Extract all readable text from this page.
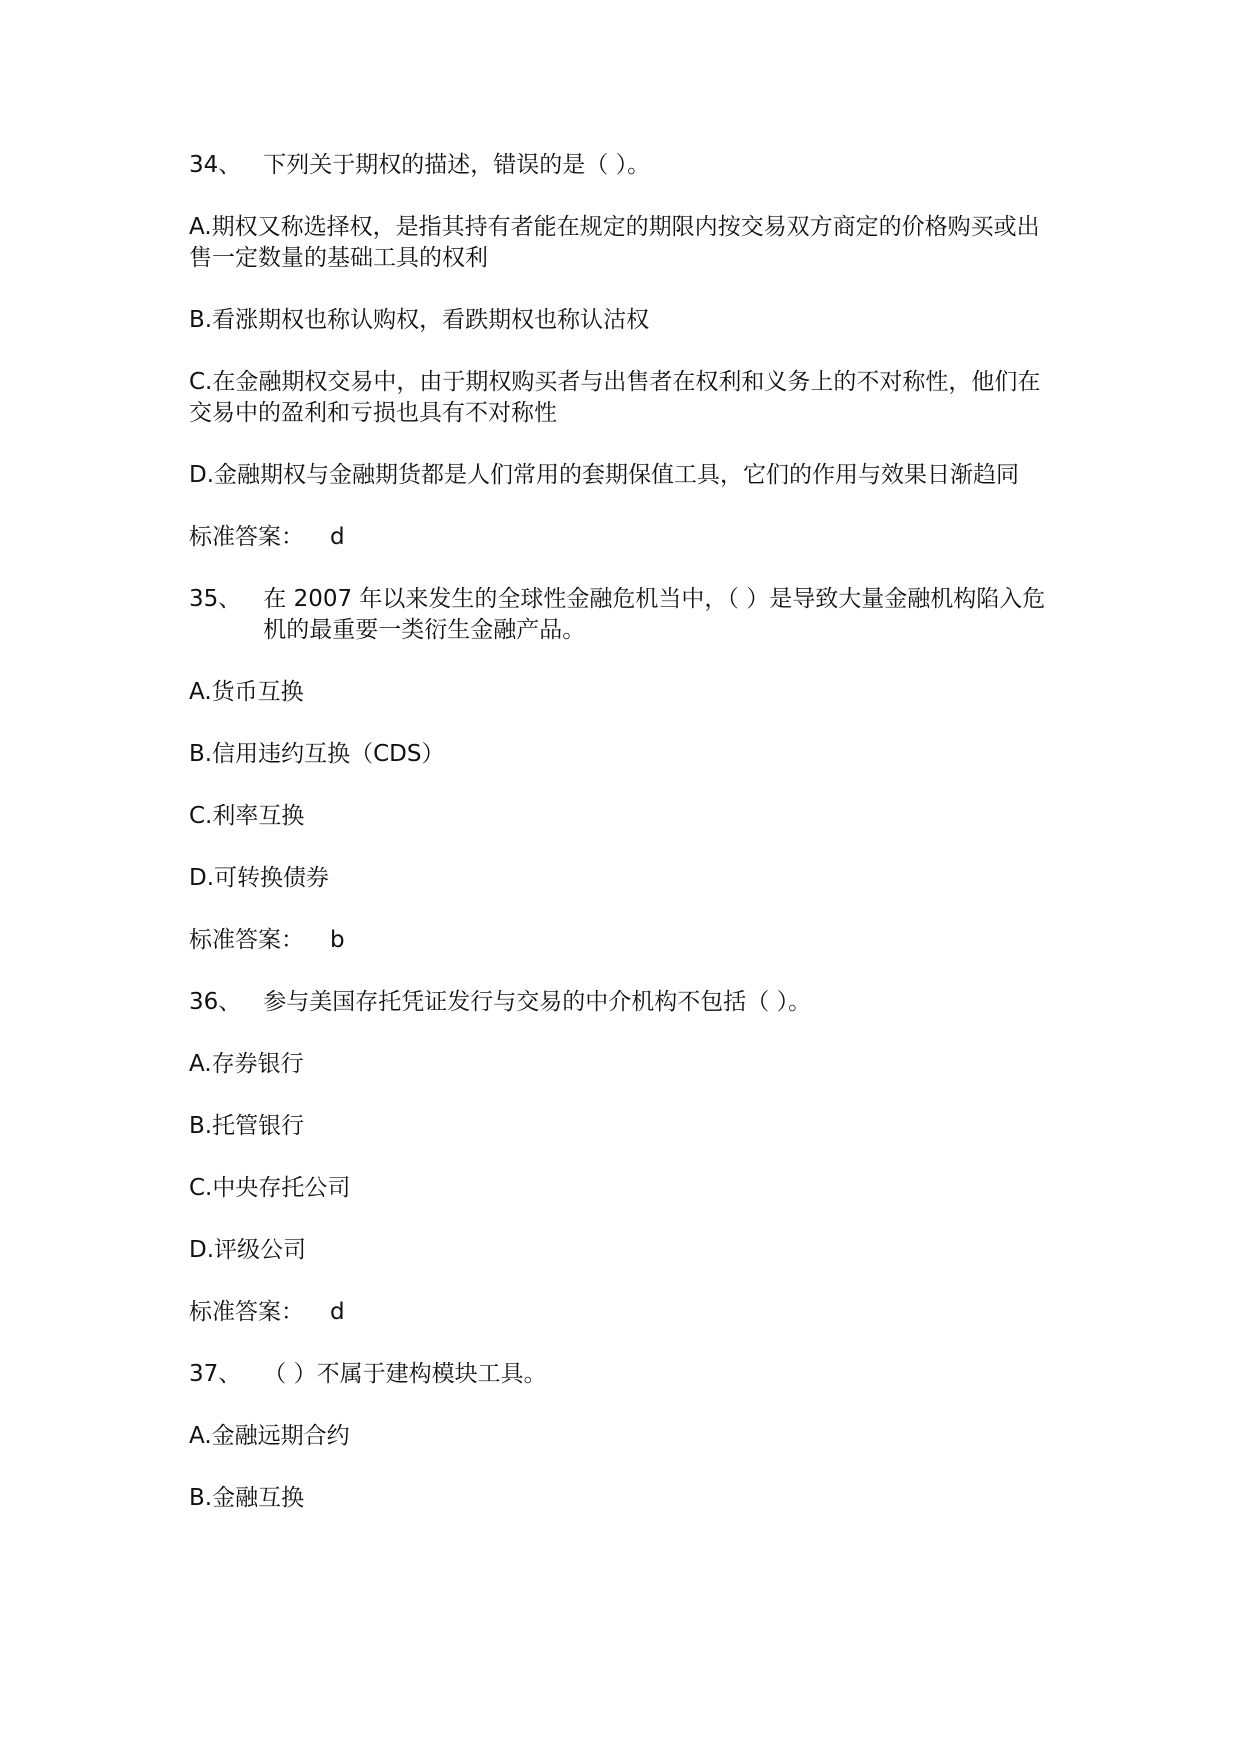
34、 下列关于期权的描述，错误的是（ ）。
A.期权又称选择权，是指其持有者能在规定的期限内按交易双方商定的价格购买或出售一定数量的基础工具的权利
B.看涨期权也称认购权，看跌期权也称认沽权
C.在金融期权交易中，由于期权购买者与出售者在权利和义务上的不对称性，他们在交易中的盈利和亏损也具有不对称性
D.金融期权与金融期货都是人们常用的套期保值工具，它们的作用与效果日渐趋同
标准答案： d
35、 在 2007 年以来发生的全球性金融危机当中，（ ）是导致大量金融机构陷入危机的最重要一类衍生金融产品。
A.货币互换
B.信用违约互换（CDS）
C.利率互换
D.可转换债券
标准答案： b
36、 参与美国存托凭证发行与交易的中介机构不包括（ ）。
A.存券银行
B.托管银行
C.中央存托公司
D.评级公司
标准答案： d
37、 （ ）不属于建构模块工具。
A.金融远期合约
B.金融互换
